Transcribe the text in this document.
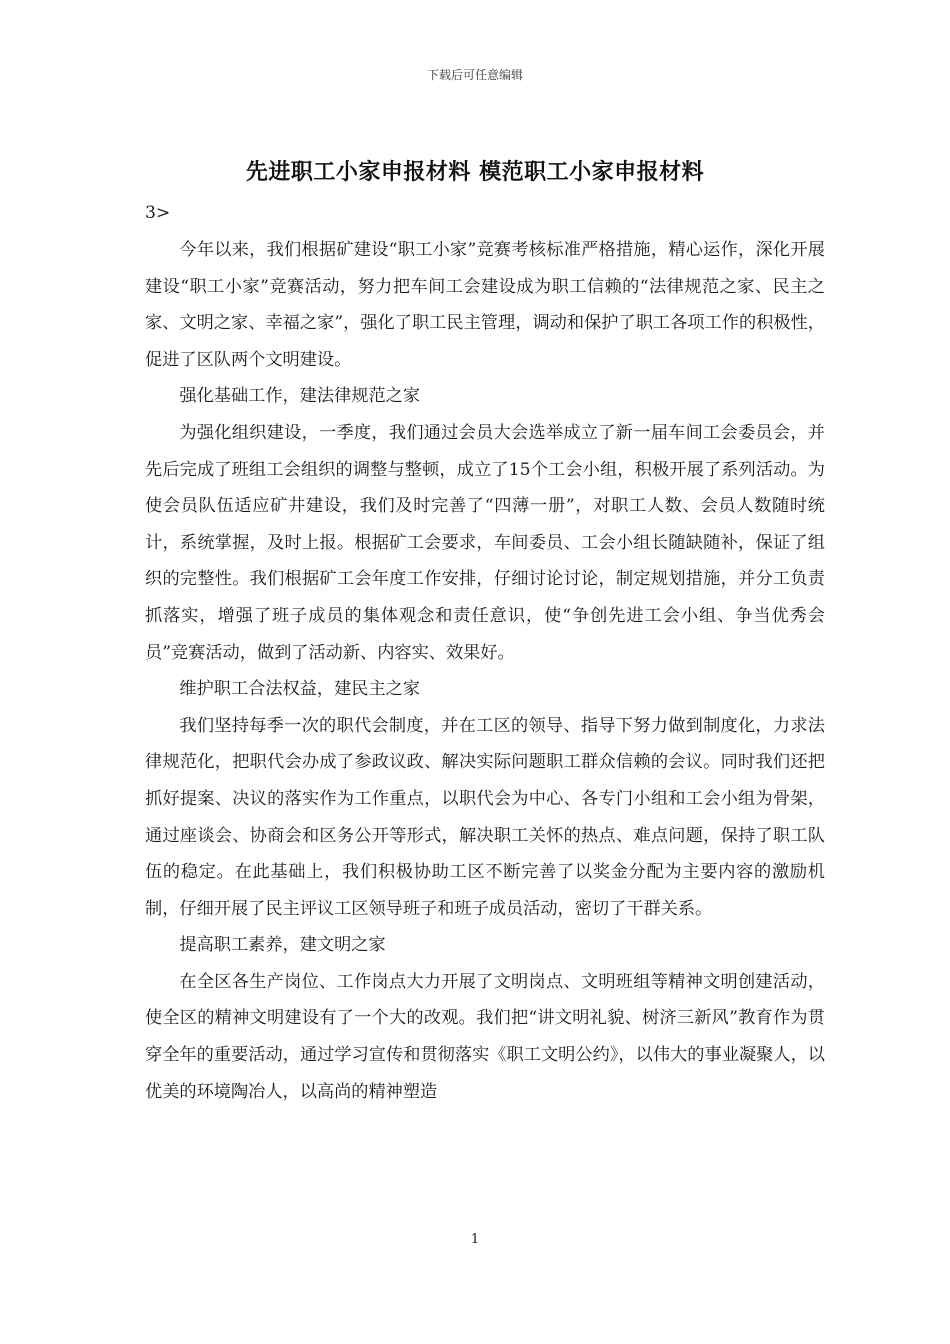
下载后可任意编辑
先进职工小家申报材料 模范职工小家申报材料

3>

今年以来，我们根据矿建设“职工小家”竞赛考核标准严格措施，精心运作，深化开展建设“职工小家”竞赛活动，努力把车间工会建设成为职工信赖的“法律规范之家、民主之家、文明之家、幸福之家”，强化了职工民主管理，调动和保护了职工各项工作的积极性，促进了区队两个文明建设。

强化基础工作，建法律规范之家

为强化组织建设，一季度，我们通过会员大会选举成立了新一届车间工会委员会，并先后完成了班组工会组织的调整与整顿，成立了15个工会小组，积极开展了系列活动。为使会员队伍适应矿井建设，我们及时完善了“四薄一册”，对职工人数、会员人数随时统计，系统掌握，及时上报。根据矿工会要求，车间委员、工会小组长随缺随补，保证了组织的完整性。我们根据矿工会年度工作安排，仔细讨论讨论，制定规划措施，并分工负责抓落实，增强了班子成员的集体观念和责任意识，使“争创先进工会小组、争当优秀会员”竞赛活动，做到了活动新、内容实、效果好。

维护职工合法权益，建民主之家

我们坚持每季一次的职代会制度，并在工区的领导、指导下努力做到制度化，力求法律规范化，把职代会办成了参政议政、解决实际问题职工群众信赖的会议。同时我们还把抓好提案、决议的落实作为工作重点，以职代会为中心、各专门小组和工会小组为骨架，通过座谈会、协商会和区务公开等形式，解决职工关怀的热点、难点问题，保持了职工队伍的稳定。在此基础上，我们积极协助工区不断完善了以奖金分配为主要内容的激励机制，仔细开展了民主评议工区领导班子和班子成员活动，密切了干群关系。

提高职工素养，建文明之家

在全区各生产岗位、工作岗点大力开展了文明岗点、文明班组等精神文明创建活动，使全区的精神文明建设有了一个大的改观。我们把“讲文明礼貌、树济三新风”教育作为贯穿全年的重要活动，通过学习宣传和贯彻落实《职工文明公约》，以伟大的事业凝聚人，以优美的环境陶冶人，以高尚的精神塑造

1
